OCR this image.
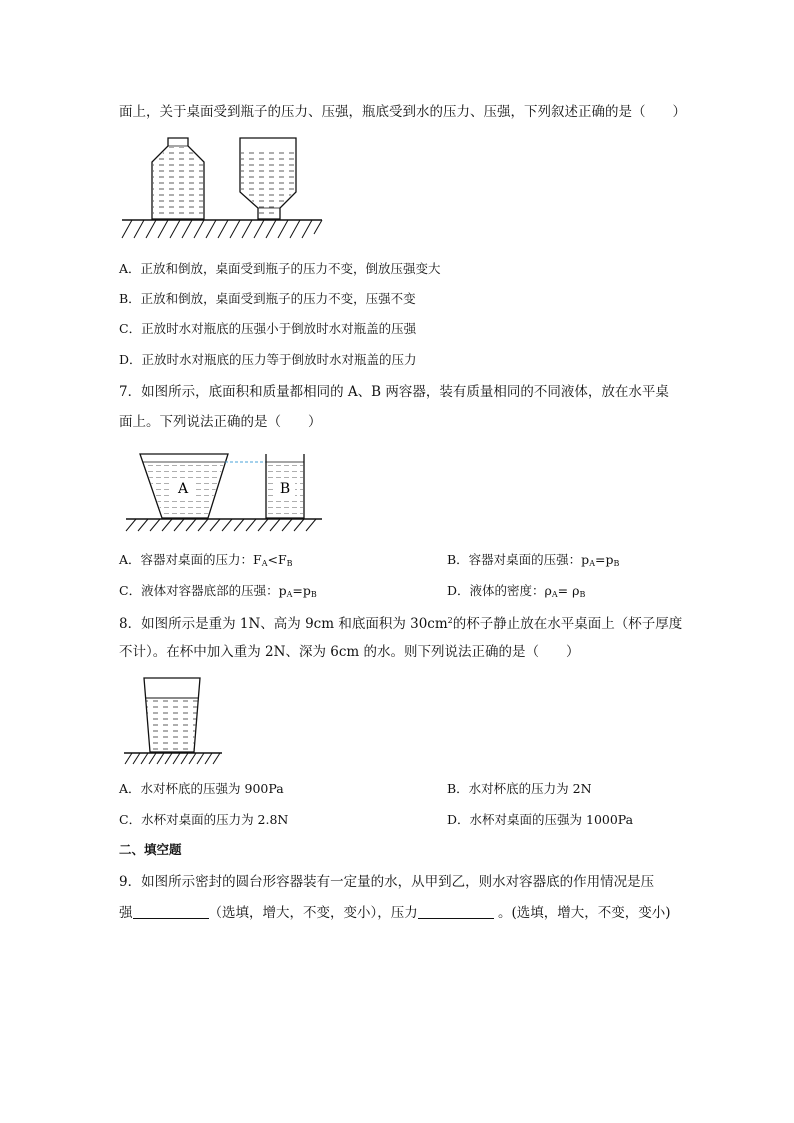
面上，关于桌面受到瓶子的压力、压强，瓶底受到水的压力、压强，下列叙述正确的是（　　）
A．正放和倒放，桌面受到瓶子的压力不变，倒放压强变大
B．正放和倒放，桌面受到瓶子的压力不变，压强不变
C．正放时水对瓶底的压强小于倒放时水对瓶盖的压强
D．正放时水对瓶底的压力等于倒放时水对瓶盖的压力
7．如图所示，底面积和质量都相同的 A、B 两容器，装有质量相同的不同液体，放在水平桌
面上。下列说法正确的是（　　）
A	B
A．容器对桌面的压力：$F_A<F_B$	B．容器对桌面的压强：$p_A=p_B$
C．液体对容器底部的压强：$p_A=p_B$	D．液体的密度：$\rho_A= \rho_B$
8．如图所示是重为 1N、高为 9cm 和底面积为 $30cm^2$的杯子静止放在水平桌面上（杯子厚度
不计）。在杯中加入重为 2N、深为 6cm 的水。则下列说法正确的是（　　）
A．水对杯底的压强为 900Pa	B．水对杯底的压力为 2N
C．水杯对桌面的压力为 2.8N	D．水杯对桌面的压强为 1000Pa
二、填空题
9．如图所示密封的圆台形容器装有一定量的水，从甲到乙，则水对容器底的作用情况是压
强	（选填，增大，不变，变小），压力	。(选填，增大，不变，变小)
